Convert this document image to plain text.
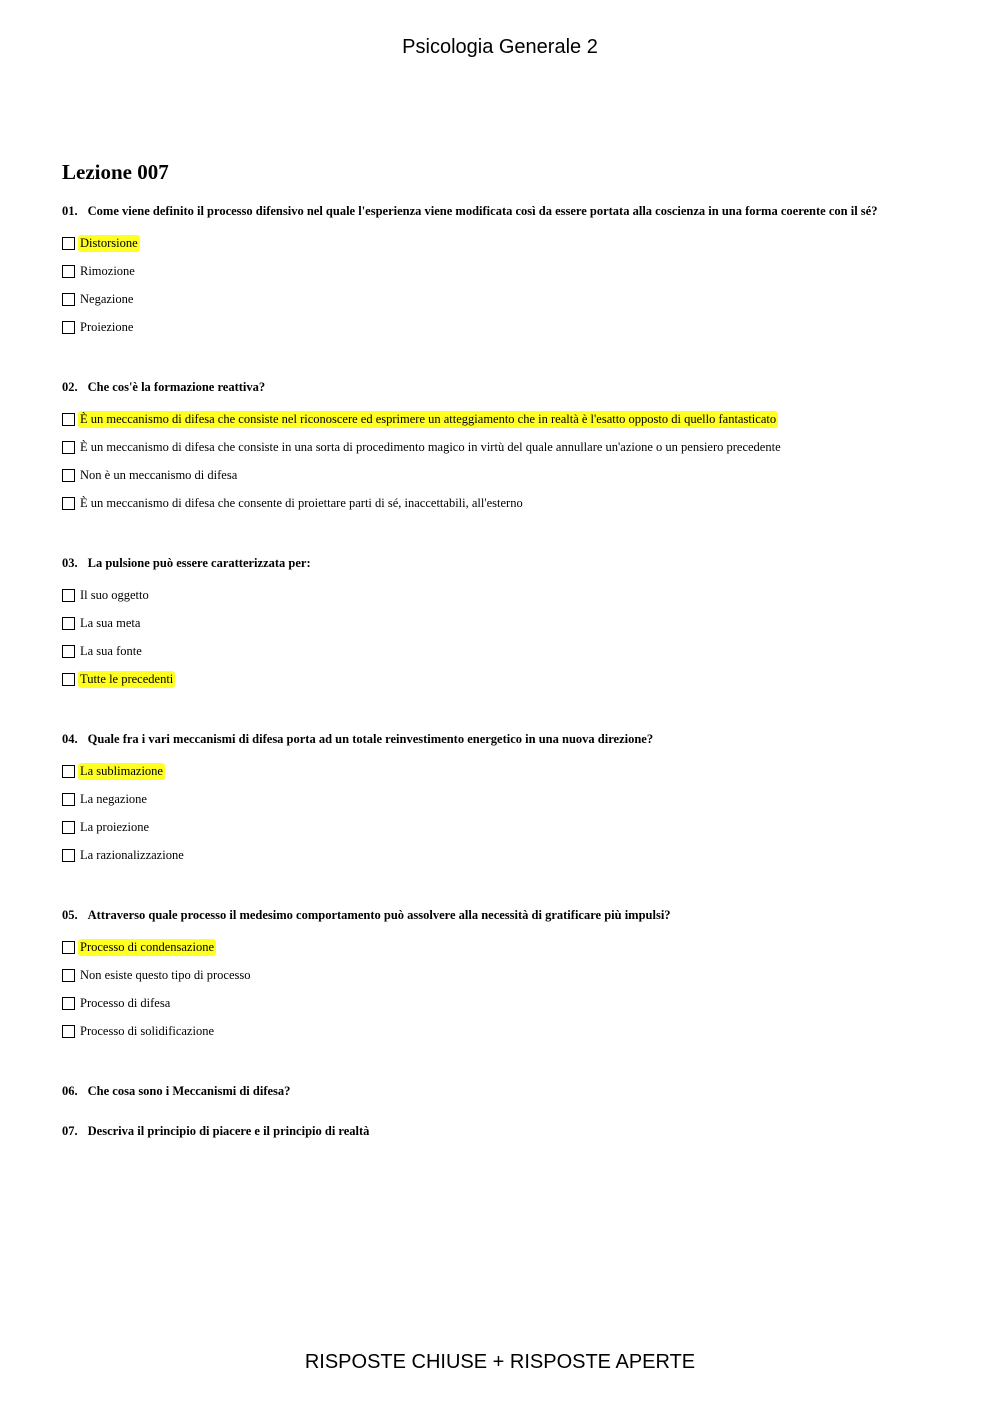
Psicologia Generale 2
Lezione 007
01. Come viene definito il processo difensivo nel quale l'esperienza viene modificata così da essere portata alla coscienza in una forma coerente con il sé?
Distorsione
Rimozione
Negazione
Proiezione
02. Che cos'è la formazione reattiva?
È un meccanismo di difesa che consiste nel riconoscere ed esprimere un atteggiamento che in realtà è l'esatto opposto di quello fantasticato
È un meccanismo di difesa che consiste in una sorta di procedimento magico in virtù del quale annullare un'azione o un pensiero precedente
Non è un meccanismo di difesa
È un meccanismo di difesa che consente di proiettare parti di sé, inaccettabili, all'esterno
03. La pulsione può essere caratterizzata per:
Il suo oggetto
La sua meta
La sua fonte
Tutte le precedenti
04. Quale fra i vari meccanismi di difesa porta ad un totale reinvestimento energetico in una nuova direzione?
La sublimazione
La negazione
La proiezione
La razionalizzazione
05. Attraverso quale processo il medesimo comportamento può assolvere alla necessità di gratificare più impulsi?
Processo di condensazione
Non esiste questo tipo di processo
Processo di difesa
Processo di solidificazione
06. Che cosa sono i Meccanismi di difesa?
07. Descriva il principio di piacere e il principio di realtà
RISPOSTE CHIUSE + RISPOSTE APERTE
